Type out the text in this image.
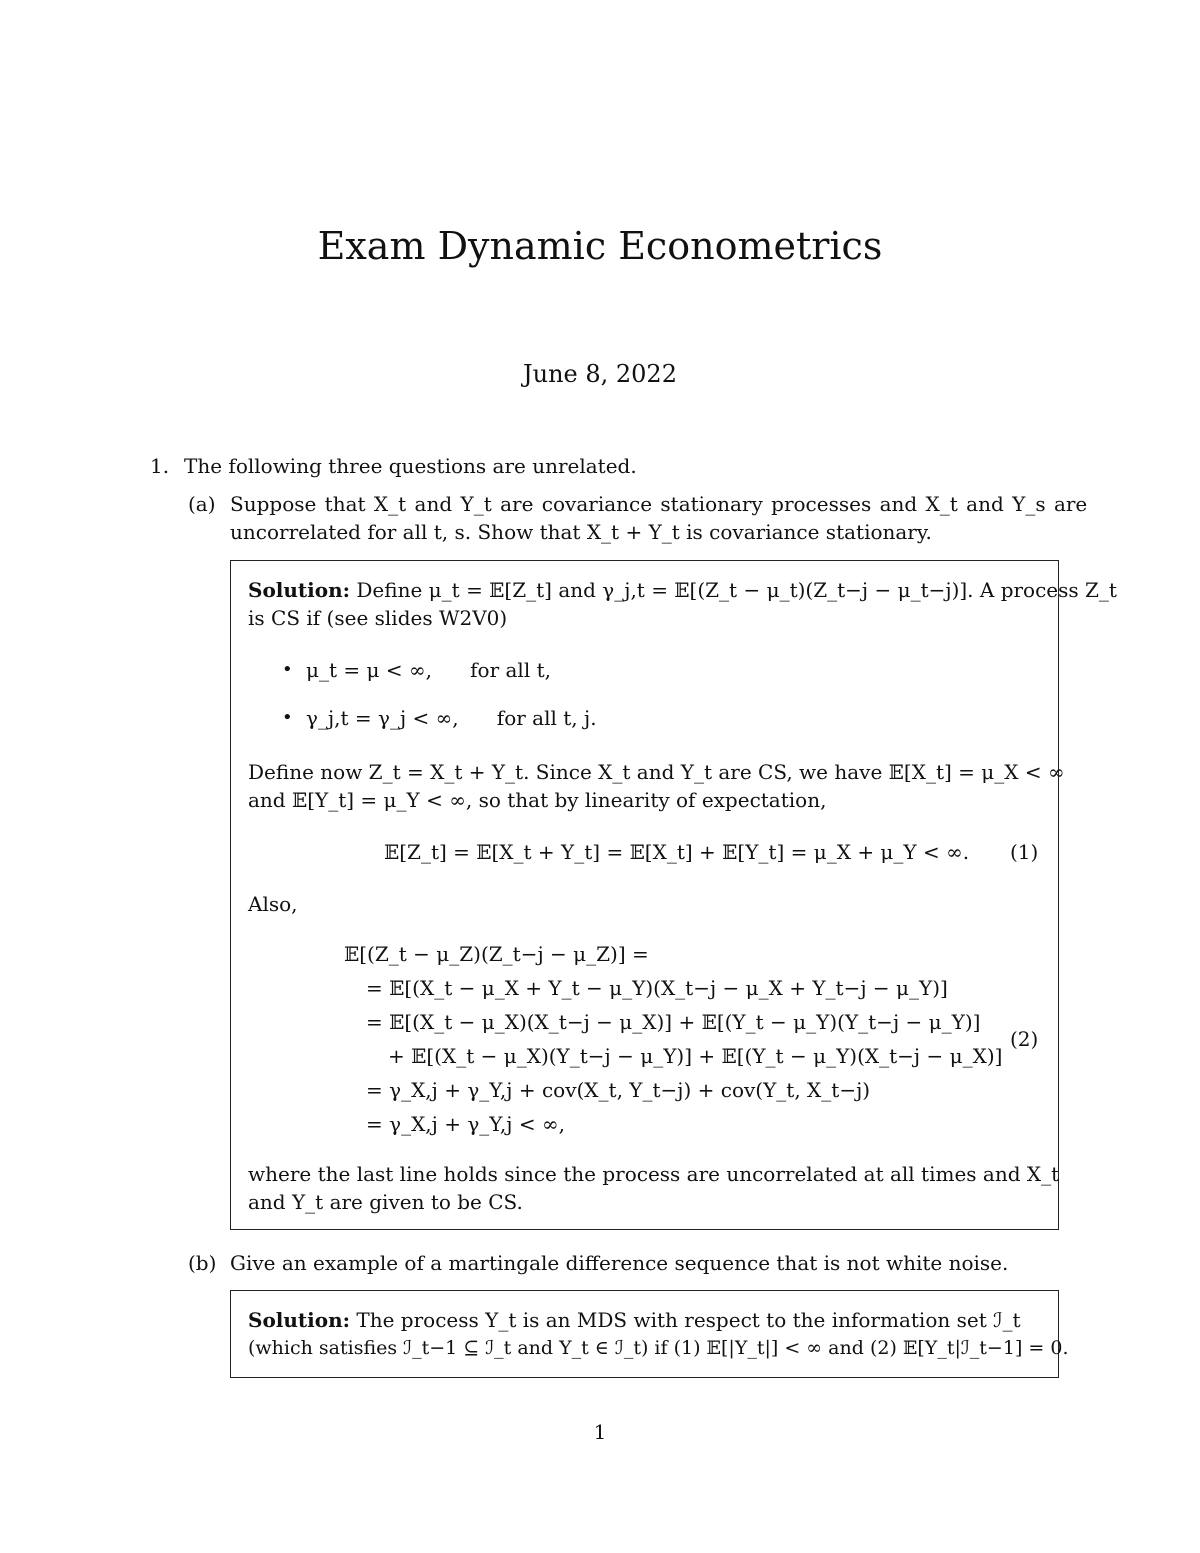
Exam Dynamic Econometrics
June 8, 2022
1. The following three questions are unrelated.
(a) Suppose that X_t and Y_t are covariance stationary processes and X_t and Y_s are
uncorrelated for all t, s. Show that X_t + Y_t is covariance stationary.
Solution: Define μ_t = 𝔼[Z_t] and γ_j,t = 𝔼[(Z_t − μ_t)(Z_t−j − μ_t−j)]. A process Z_t
is CS if (see slides W2V0)
• μ_t = μ < ∞,      for all t,
• γ_j,t = γ_j < ∞,      for all t, j.
Define now Z_t = X_t + Y_t. Since X_t and Y_t are CS, we have 𝔼[X_t] = μ_X < ∞
and 𝔼[Y_t] = μ_Y < ∞, so that by linearity of expectation,
𝔼[Z_t] = 𝔼[X_t + Y_t] = 𝔼[X_t] + 𝔼[Y_t] = μ_X + μ_Y < ∞. (1)
Also,
𝔼[(Z_t − μ_Z)(Z_t−j − μ_Z)] =
= 𝔼[(X_t − μ_X + Y_t − μ_Y)(X_t−j − μ_X + Y_t−j − μ_Y)]
= 𝔼[(X_t − μ_X)(X_t−j − μ_X)] + 𝔼[(Y_t − μ_Y)(Y_t−j − μ_Y)]
+ 𝔼[(X_t − μ_X)(Y_t−j − μ_Y)] + 𝔼[(Y_t − μ_Y)(X_t−j − μ_X)]
= γ_X,j + γ_Y,j + cov(X_t, Y_t−j) + cov(Y_t, X_t−j)
= γ_X,j + γ_Y,j < ∞,
(2)
where the last line holds since the process are uncorrelated at all times and X_t
and Y_t are given to be CS.
(b) Give an example of a martingale difference sequence that is not white noise.
Solution: The process Y_t is an MDS with respect to the information set ℐ_t
(which satisfies ℐ_t−1 ⊆ ℐ_t and Y_t ∈ ℐ_t) if (1) 𝔼[|Y_t|] < ∞ and (2) 𝔼[Y_t|ℐ_t−1] = 0.
1
